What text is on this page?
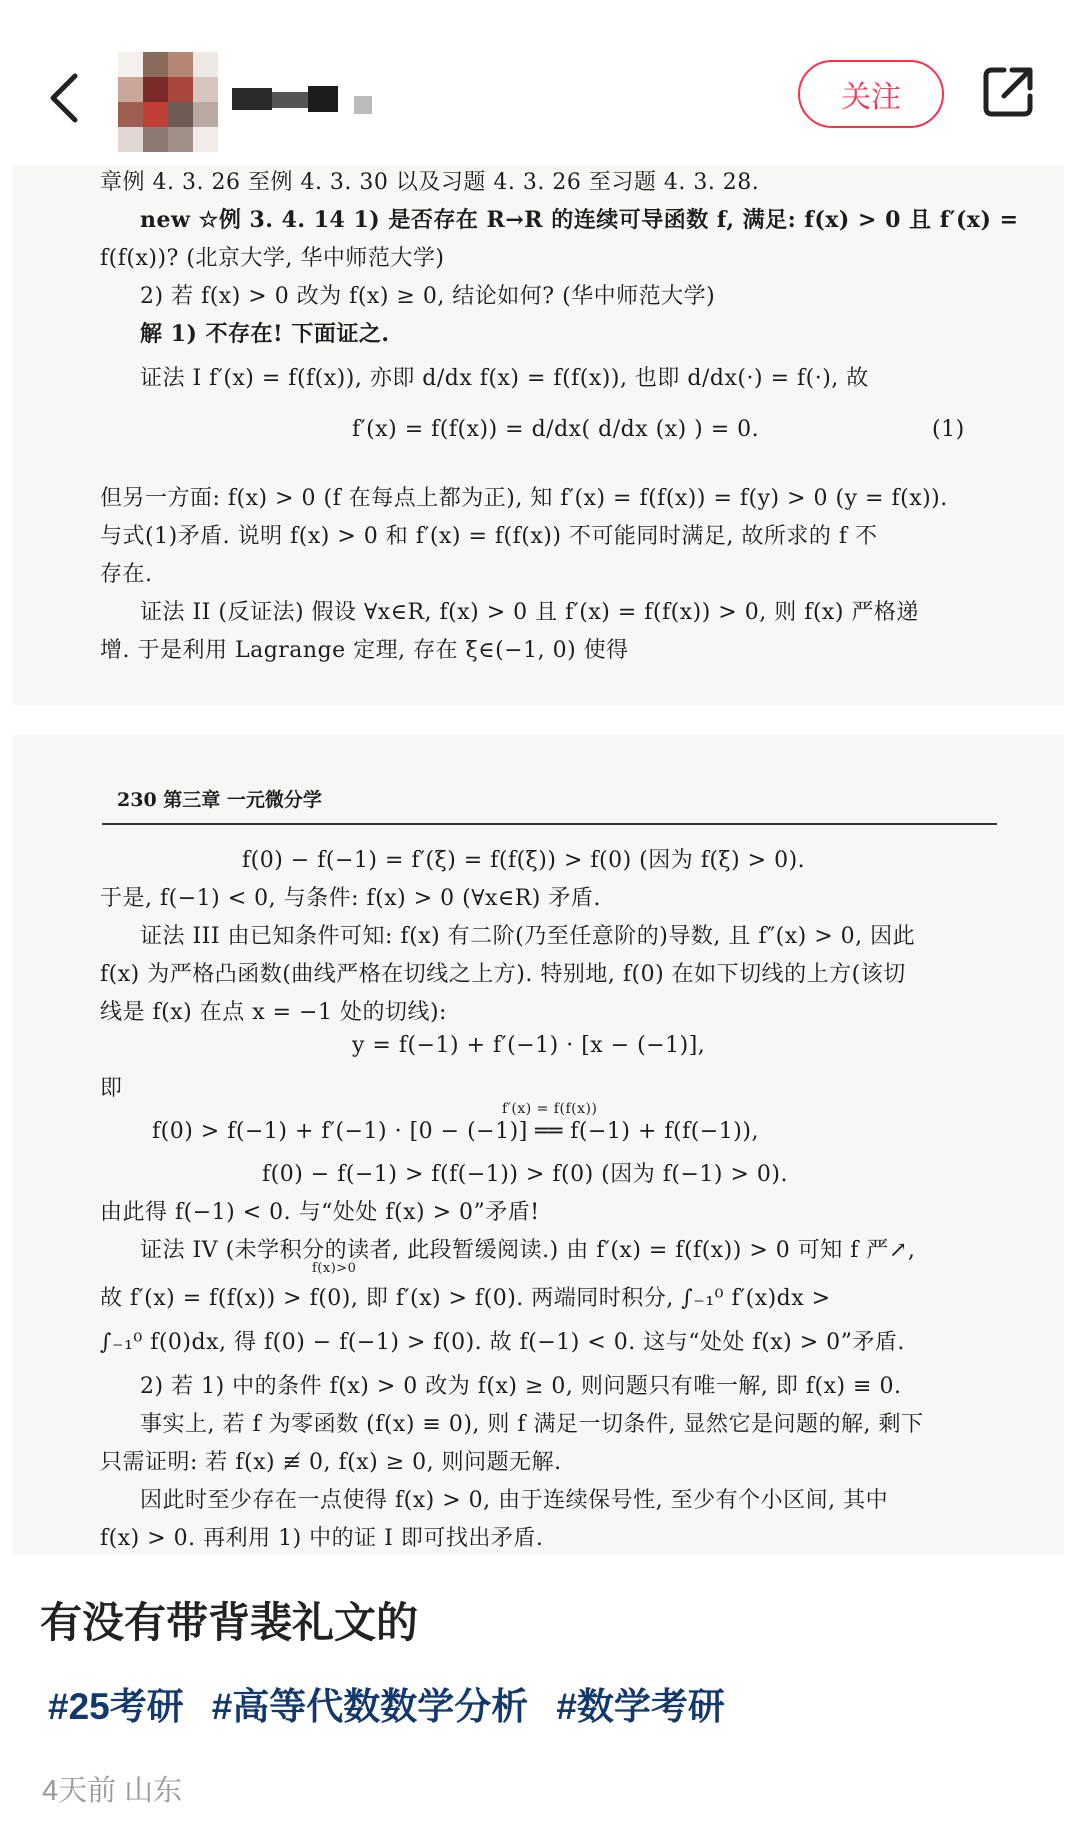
关注
章例 4. 3. 26 至例 4. 3. 30 以及习题 4. 3. 26 至习题 4. 3. 28.
new ☆例 3. 4. 14 1) 是否存在 R→R 的连续可导函数 f, 满足: f(x) > 0 且 f′(x) =
f(f(x))? (北京大学, 华中师范大学)
2) 若 f(x) > 0 改为 f(x) ≥ 0, 结论如何? (华中师范大学)
解 1) 不存在! 下面证之.
证法 I f′(x) = f(f(x)), 亦即 d/dx f(x) = f(f(x)), 也即 d/dx(·) = f(·), 故
f′(x) = f(f(x)) = d/dx( d/dx (x) ) = 0.	(1)
但另一方面: f(x) > 0 (f 在每点上都为正), 知 f′(x) = f(f(x)) = f(y) > 0 (y = f(x)).
与式(1)矛盾. 说明 f(x) > 0 和 f′(x) = f(f(x)) 不可能同时满足, 故所求的 f 不
存在.
证法 II (反证法) 假设 ∀x∈R, f(x) > 0 且 f′(x) = f(f(x)) > 0, 则 f(x) 严格递
增. 于是利用 Lagrange 定理, 存在 ξ∈(−1, 0) 使得
230 第三章 一元微分学
f(0) − f(−1) = f′(ξ) = f(f(ξ)) > f(0) (因为 f(ξ) > 0).
于是, f(−1) < 0, 与条件: f(x) > 0 (∀x∈R) 矛盾.
证法 III 由已知条件可知: f(x) 有二阶(乃至任意阶的)导数, 且 f″(x) > 0, 因此
f(x) 为严格凸函数(曲线严格在切线之上方). 特别地, f(0) 在如下切线的上方(该切
线是 f(x) 在点 x = −1 处的切线):
y = f(−1) + f′(−1) · [x − (−1)],
即
f′(x) = f(f(x))
f(0) > f(−1) + f′(−1) · [0 − (−1)] ══ f(−1) + f(f(−1)),
f(0) − f(−1) > f(f(−1)) > f(0) (因为 f(−1) > 0).
由此得 f(−1) < 0. 与“处处 f(x) > 0”矛盾!
证法 IV (未学积分的读者, 此段暂缓阅读.) 由 f′(x) = f(f(x)) > 0 可知 f 严↗,
f(x)>0
故 f′(x) = f(f(x)) > f(0), 即 f′(x) > f(0). 两端同时积分, ∫₋₁⁰ f′(x)dx >
∫₋₁⁰ f(0)dx, 得 f(0) − f(−1) > f(0). 故 f(−1) < 0. 这与“处处 f(x) > 0”矛盾.
2) 若 1) 中的条件 f(x) > 0 改为 f(x) ≥ 0, 则问题只有唯一解, 即 f(x) ≡ 0.
事实上, 若 f 为零函数 (f(x) ≡ 0), 则 f 满足一切条件, 显然它是问题的解, 剩下
只需证明: 若 f(x) ≢ 0, f(x) ≥ 0, 则问题无解.
因此时至少存在一点使得 f(x) > 0, 由于连续保号性, 至少有个小区间, 其中
f(x) > 0. 再利用 1) 中的证 I 即可找出矛盾.
有没有带背裴礼文的
#25考研 #高等代数数学分析 #数学考研
4天前 山东
